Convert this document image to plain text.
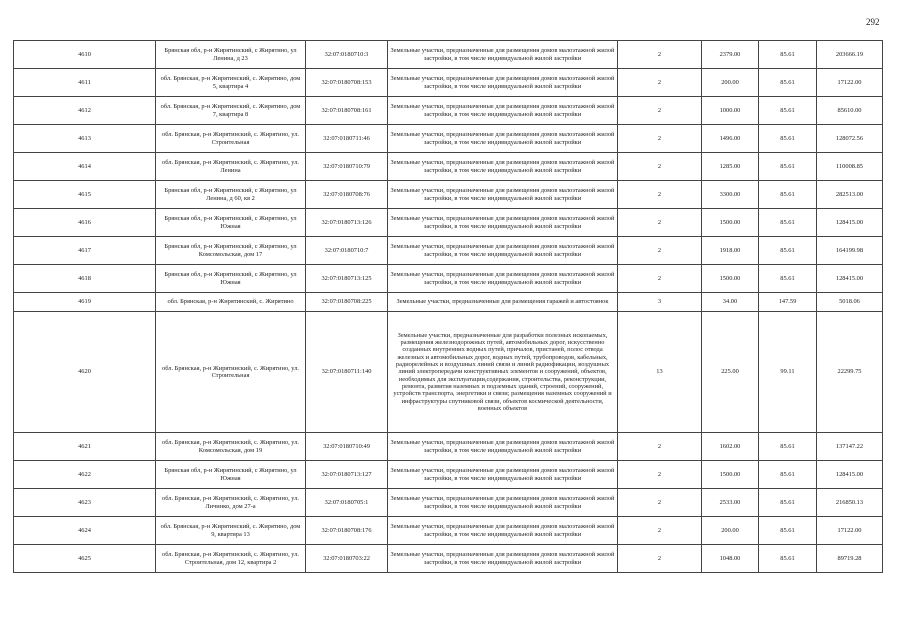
292
4610	Брянская обл, р-н Жирятинский, с Жирятино, ул Ленина, д 23	32:07:0180710:3	Земельные участки, предназначенные для размещения домов малоэтажной жилой застройки, в том числе индивидуальной жилой застройки	2	2379.00	85.61	203666.19
4611	обл. Брянская, р-н Жирятинский, с. Жирятино, дом 5, квартира 4	32:07:0180708:153	Земельные участки, предназначенные для размещения домов малоэтажной жилой застройки, в том числе индивидуальной жилой застройки	2	200.00	85.61	17122.00
4612	обл. Брянская, р-н Жирятинский, с. Жирятино, дом 7, квартира 8	32:07:0180708:161	Земельные участки, предназначенные для размещения домов малоэтажной жилой застройки, в том числе индивидуальной жилой застройки	2	1000.00	85.61	85610.00
4613	обл. Брянская, р-н Жирятинский, с. Жирятино, ул. Строительная	32:07:0180711:46	Земельные участки, предназначенные для размещения домов малоэтажной жилой застройки, в том числе индивидуальной жилой застройки	2	1496.00	85.61	128072.56
4614	обл. Брянская, р-н Жирятинский, с. Жирятино, ул. Ленина	32:07:0180710:79	Земельные участки, предназначенные для размещения домов малоэтажной жилой застройки, в том числе индивидуальной жилой застройки	2	1285.00	85.61	110008.85
4615	Брянская обл, р-н Жирятинский, с Жирятино, ул Ленина, д 60, кв 2	32:07:0180708:76	Земельные участки, предназначенные для размещения домов малоэтажной жилой застройки, в том числе индивидуальной жилой застройки	2	3300.00	85.61	282513.00
4616	Брянская обл, р-н Жирятинский, с Жирятино, ул Южная	32:07:0180713:126	Земельные участки, предназначенные для размещения домов малоэтажной жилой застройки, в том числе индивидуальной жилой застройки	2	1500.00	85.61	128415.00
4617	Брянская обл, р-н Жирятинский, с Жирятино, ул Комсомольская, дом 17	32:07:0180710:7	Земельные участки, предназначенные для размещения домов малоэтажной жилой застройки, в том числе индивидуальной жилой застройки	2	1918.00	85.61	164199.98
4618	Брянская обл, р-н Жирятинский, с Жирятино, ул Южная	32:07:0180713:125	Земельные участки, предназначенные для размещения домов малоэтажной жилой застройки, в том числе индивидуальной жилой застройки	2	1500.00	85.61	128415.00
4619	обл. Брянская, р-н Жирятинский, с. Жирятино	32:07:0180708:225	Земельные участки, предназначенные для размещения гаражей и автостоянок	3	34.00	147.59	5018.06
4620	обл. Брянская, р-н Жирятинский, с. Жирятино, ул. Строительная	32:07:0180711:140	Земельные участки, предназначенные для разработки полезных ископаемых, размещения железнодорожных путей, автомобильных дорог, искусственно созданных внутренних водных путей, причалов, пристаней, полос отвода железных и автомобильных дорог, водных путей, трубопроводов, кабельных, радиорелейных и воздушных линий связи и линий радиофикации, воздушных линий электропередачи конструктивных элементов и сооружений, объектов, необходимых для эксплуатации,содержания, строительства, реконструкции, ремонта, развития наземных и подземных зданий, строений, сооружений, устройств транспорта, энергетики и связи; размещения наземных сооружений и инфраструктуры спутниковой связи, объектов космической деятельности, военных объектов	13	225.00	99.11	22299.75
4621	обл. Брянская, р-н Жирятинский, с. Жирятино, ул. Комсомольская, дом 19	32:07:0180710:49	Земельные участки, предназначенные для размещения домов малоэтажной жилой застройки, в том числе индивидуальной жилой застройки	2	1602.00	85.61	137147.22
4622	Брянская обл, р-н Жирятинский, с Жирятино, ул Южная	32:07:0180713:127	Земельные участки, предназначенные для размещения домов малоэтажной жилой застройки, в том числе индивидуальной жилой застройки	2	1500.00	85.61	128415.00
4623	обл. Брянская, р-н Жирятинский, с. Жирятино, ул. Личинко, дом 27-а	32:07:0180705:1	Земельные участки, предназначенные для размещения домов малоэтажной жилой застройки, в том числе индивидуальной жилой застройки	2	2533.00	85.61	216850.13
4624	обл. Брянская, р-н Жирятинский, с. Жирятино, дом 9, квартира 13	32:07:0180708:176	Земельные участки, предназначенные для размещения домов малоэтажной жилой застройки, в том числе индивидуальной жилой застройки	2	200.00	85.61	17122.00
4625	обл. Брянская, р-н Жирятинский, с. Жирятино, ул. Строительная, дом 12, квартира 2	32:07:0180703:22	Земельные участки, предназначенные для размещения домов малоэтажной жилой застройки, в том числе индивидуальной жилой застройки	2	1048.00	85.61	89719.28
